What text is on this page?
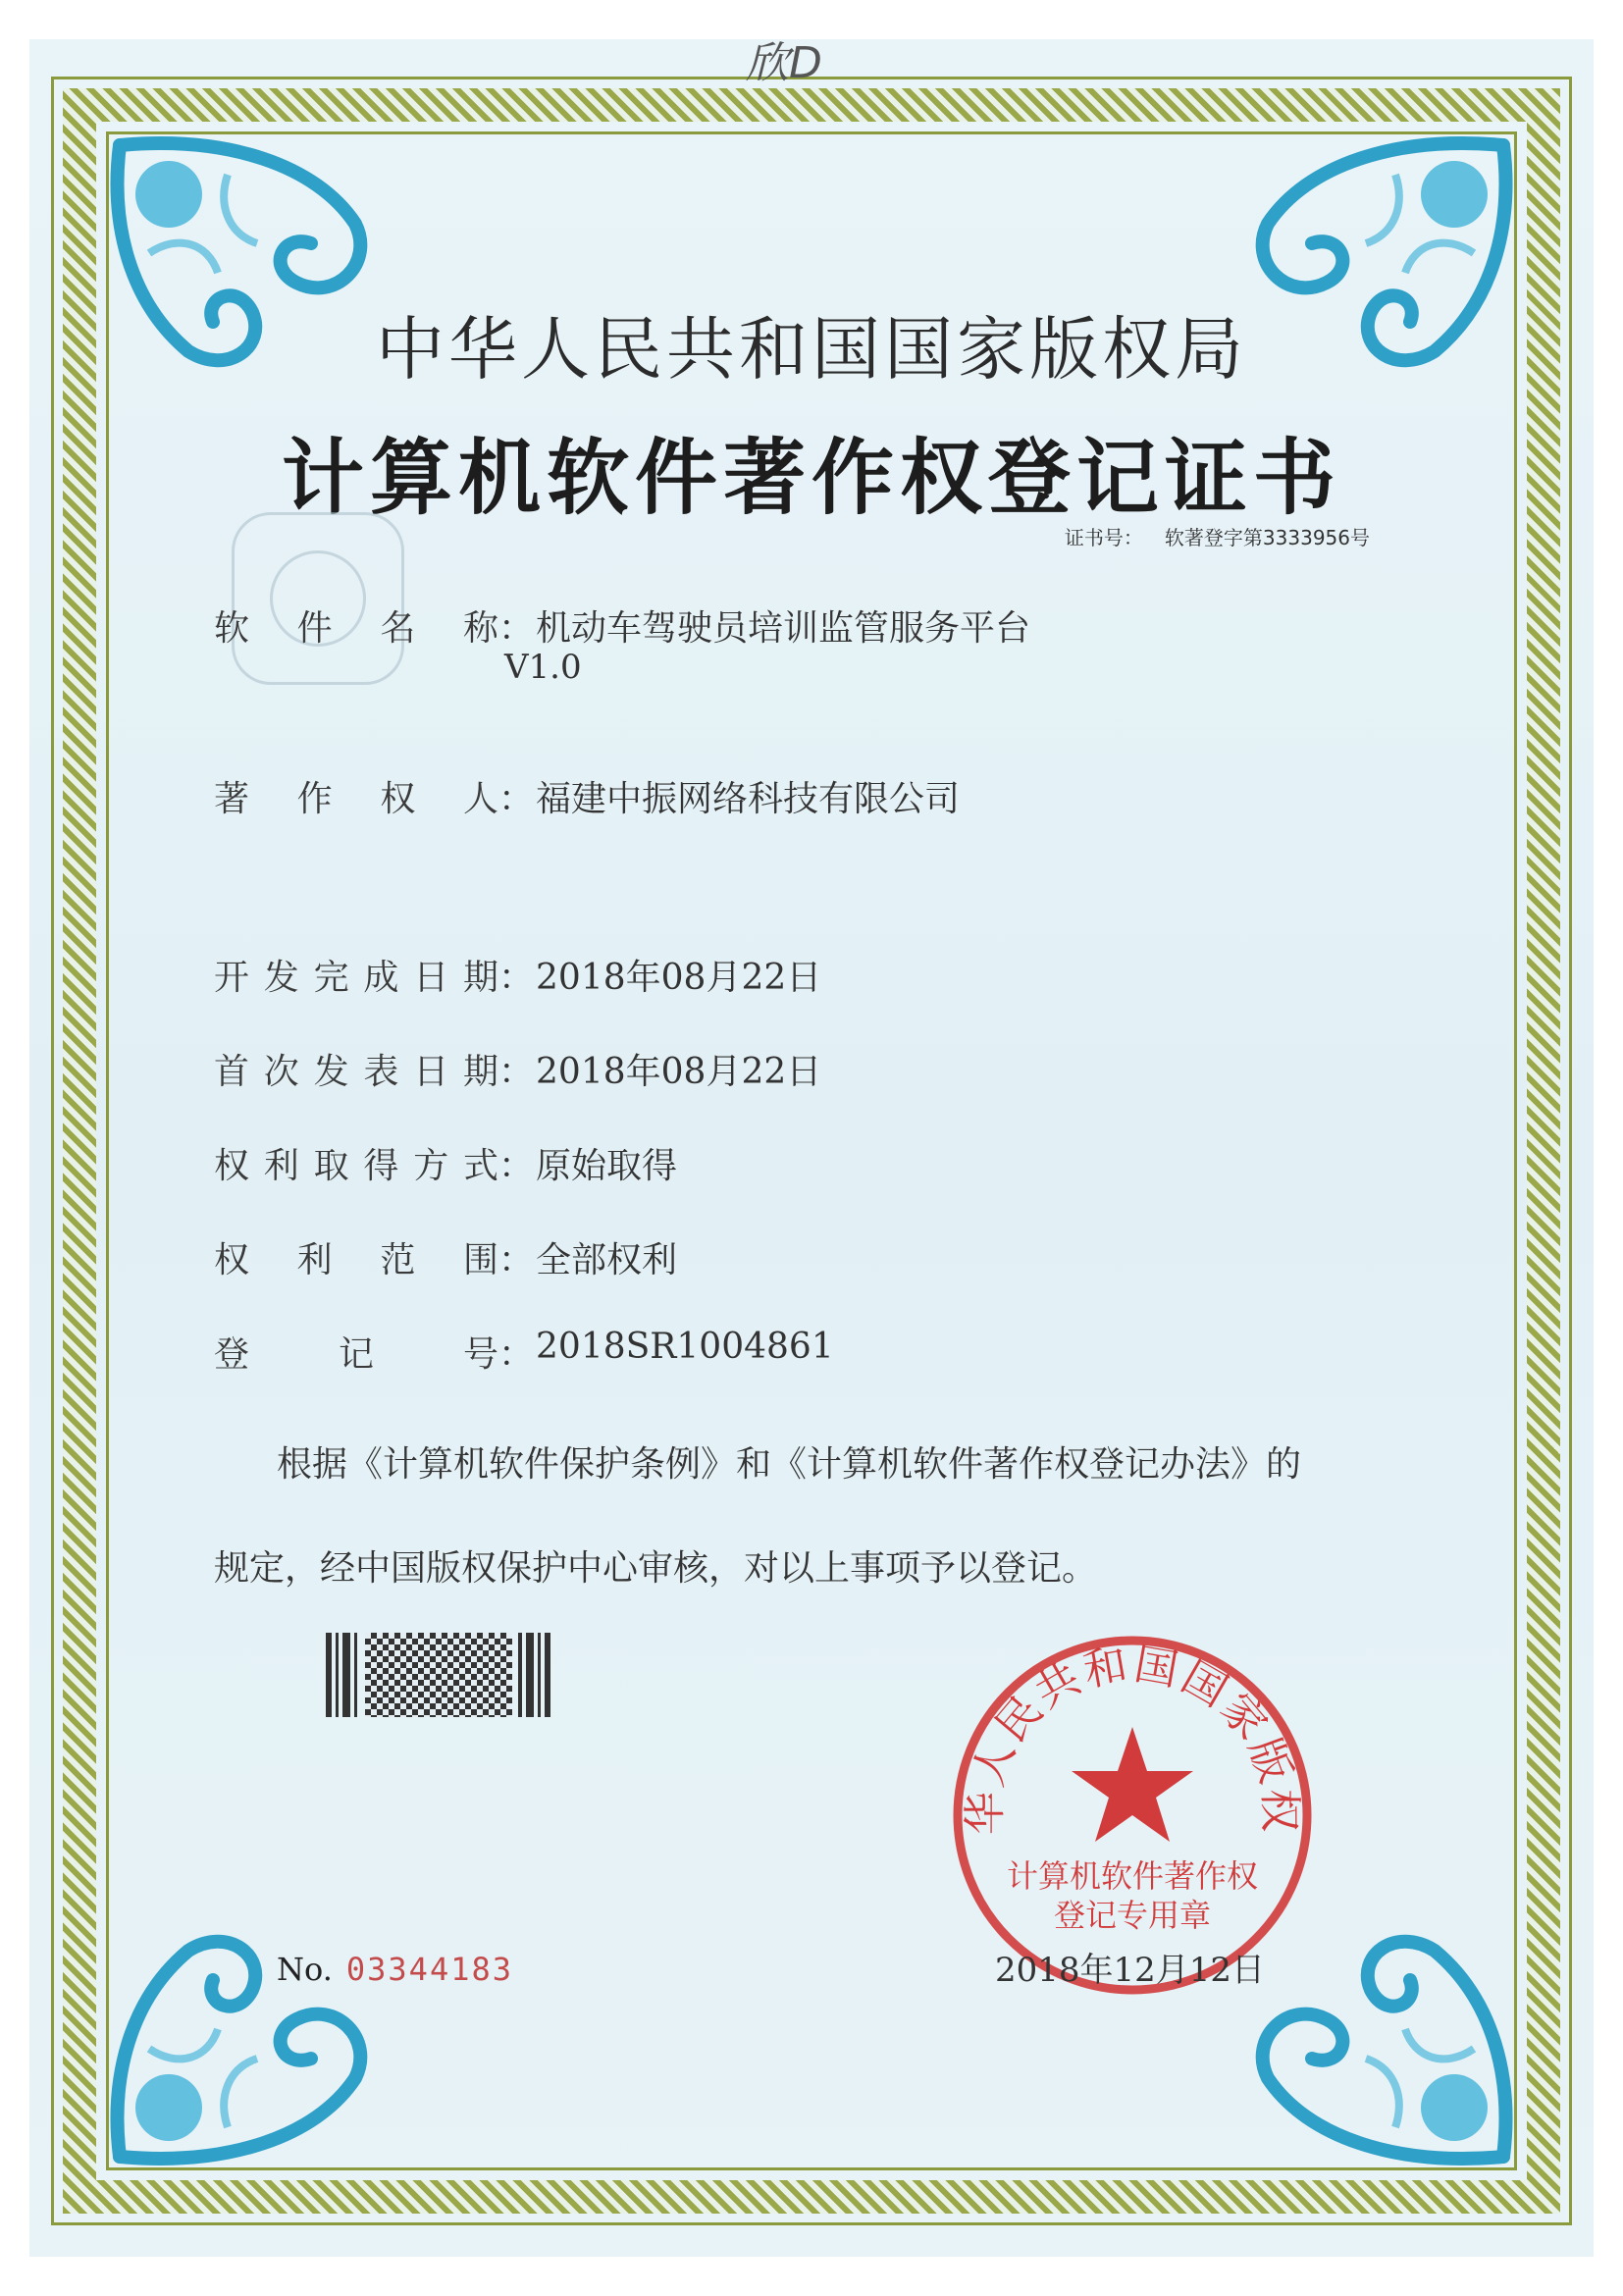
欣D
中华人民共和国国家版权局
计算机软件著作权登记证书
证书号： 软著登字第3333956号
软 件 名 称 ： 机动车驾驶员培训监管服务平台
V1.0
著 作 权 人 ： 福建中振网络科技有限公司
开 发 完 成 日 期 ： 2018年08月22日
首 次 发 表 日 期 ： 2018年08月22日
权 利 取 得 方 式 ： 原始取得
权 利 范 围 ： 全部权利
登	记	号 ： 2018SR1004861
根据《计算机软件保护条例》和《计算机软件著作权登记办法》的
规定，经中国版权保护中心审核，对以上事项予以登记。
No. 03344183
华人民共和国国家版权
计算机软件著作权
登记专用章
2018年12月12日
